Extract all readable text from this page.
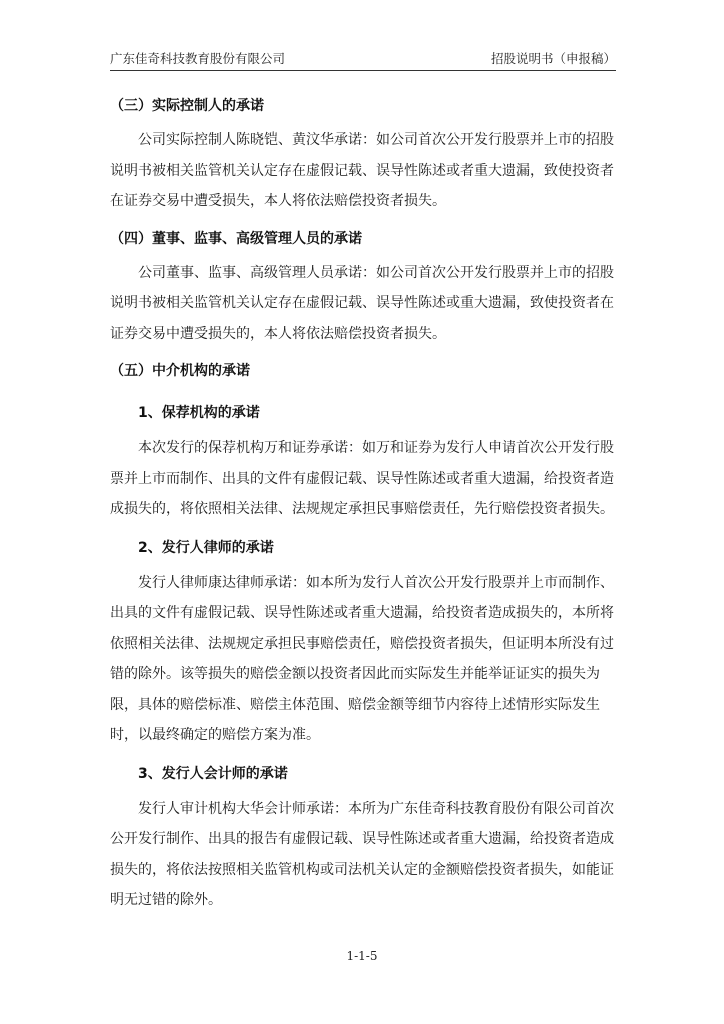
广东佳奇科技教育股份有限公司	招股说明书（申报稿）

（三）实际控制人的承诺

公司实际控制人陈晓铠、黄汶华承诺：如公司首次公开发行股票并上市的招股说明书被相关监管机关认定存在虚假记载、误导性陈述或者重大遗漏，致使投资者在证券交易中遭受损失，本人将依法赔偿投资者损失。

（四）董事、监事、高级管理人员的承诺

公司董事、监事、高级管理人员承诺：如公司首次公开发行股票并上市的招股说明书被相关监管机关认定存在虚假记载、误导性陈述或重大遗漏，致使投资者在证券交易中遭受损失的，本人将依法赔偿投资者损失。

（五）中介机构的承诺

1、保荐机构的承诺

本次发行的保荐机构万和证券承诺：如万和证券为发行人申请首次公开发行股票并上市而制作、出具的文件有虚假记载、误导性陈述或者重大遗漏，给投资者造成损失的，将依照相关法律、法规规定承担民事赔偿责任，先行赔偿投资者损失。

2、发行人律师的承诺

发行人律师康达律师承诺：如本所为发行人首次公开发行股票并上市而制作、出具的文件有虚假记载、误导性陈述或者重大遗漏，给投资者造成损失的，本所将依照相关法律、法规规定承担民事赔偿责任，赔偿投资者损失，但证明本所没有过错的除外。该等损失的赔偿金额以投资者因此而实际发生并能举证证实的损失为限，具体的赔偿标准、赔偿主体范围、赔偿金额等细节内容待上述情形实际发生时，以最终确定的赔偿方案为准。

3、发行人会计师的承诺

发行人审计机构大华会计师承诺：本所为广东佳奇科技教育股份有限公司首次公开发行制作、出具的报告有虚假记载、误导性陈述或者重大遗漏，给投资者造成损失的，将依法按照相关监管机构或司法机关认定的金额赔偿投资者损失，如能证明无过错的除外。

1-1-5
